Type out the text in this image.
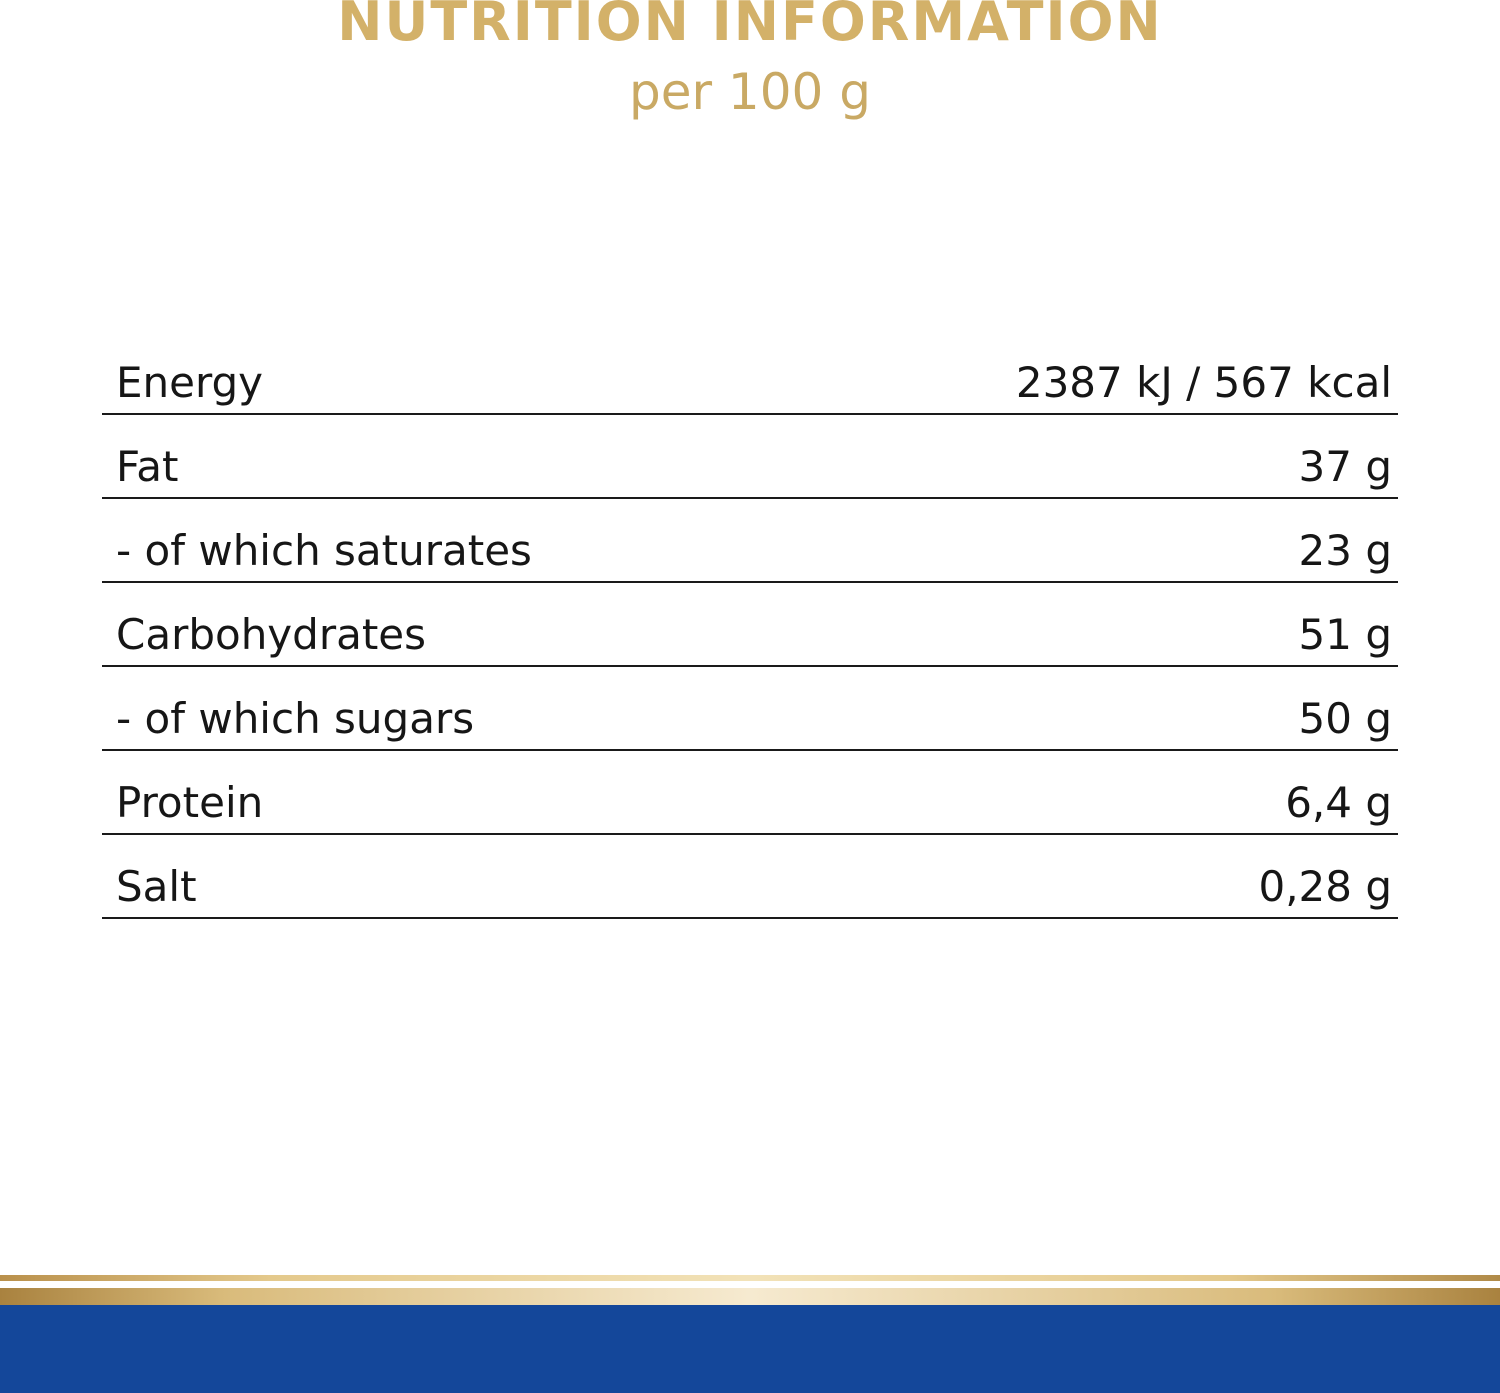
NUTRITION INFORMATION
per 100 g
Energy	2387 kJ / 567 kcal
Fat	37 g
- of which saturates	23 g
Carbohydrates	51 g
- of which sugars	50 g
Protein	6,4 g
Salt	0,28 g
